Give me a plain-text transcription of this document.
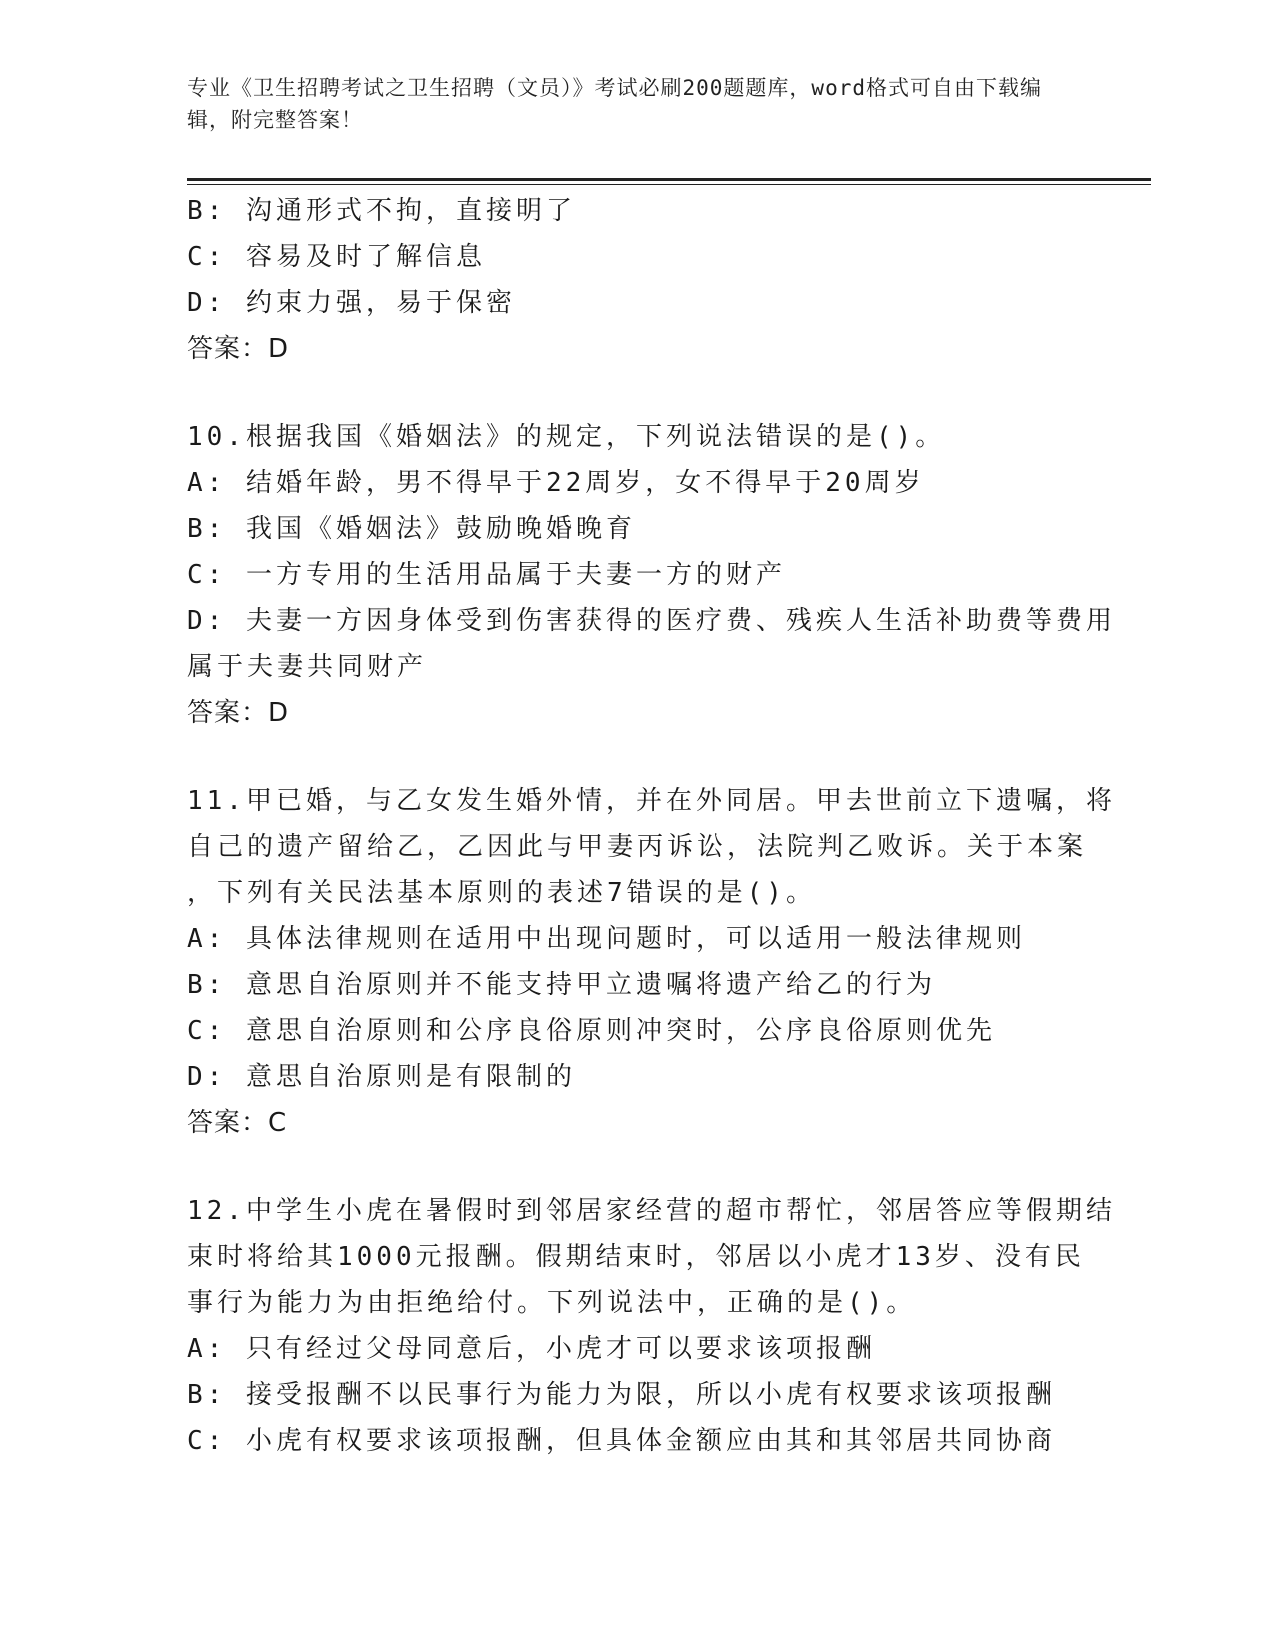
专业《卫生招聘考试之卫生招聘（文员）》考试必刷200题题库，word格式可自由下载编辑，附完整答案！
B: 沟通形式不拘，直接明了
C: 容易及时了解信息
D: 约束力强，易于保密
答案：D
10.根据我国《婚姻法》的规定，下列说法错误的是()。
A: 结婚年龄，男不得早于22周岁，女不得早于20周岁
B: 我国《婚姻法》鼓励晚婚晚育
C: 一方专用的生活用品属于夫妻一方的财产
D: 夫妻一方因身体受到伤害获得的医疗费、残疾人生活补助费等费用
属于夫妻共同财产
答案：D
11.甲已婚，与乙女发生婚外情，并在外同居。甲去世前立下遗嘱，将
自己的遗产留给乙，乙因此与甲妻丙诉讼，法院判乙败诉。关于本案
，下列有关民法基本原则的表述7错误的是()。
A: 具体法律规则在适用中出现问题时，可以适用一般法律规则
B: 意思自治原则并不能支持甲立遗嘱将遗产给乙的行为
C: 意思自治原则和公序良俗原则冲突时，公序良俗原则优先
D: 意思自治原则是有限制的
答案：C
12.中学生小虎在暑假时到邻居家经营的超市帮忙，邻居答应等假期结
束时将给其1000元报酬。假期结束时，邻居以小虎才13岁、没有民
事行为能力为由拒绝给付。下列说法中，正确的是()。
A: 只有经过父母同意后，小虎才可以要求该项报酬
B: 接受报酬不以民事行为能力为限，所以小虎有权要求该项报酬
C: 小虎有权要求该项报酬，但具体金额应由其和其邻居共同协商
